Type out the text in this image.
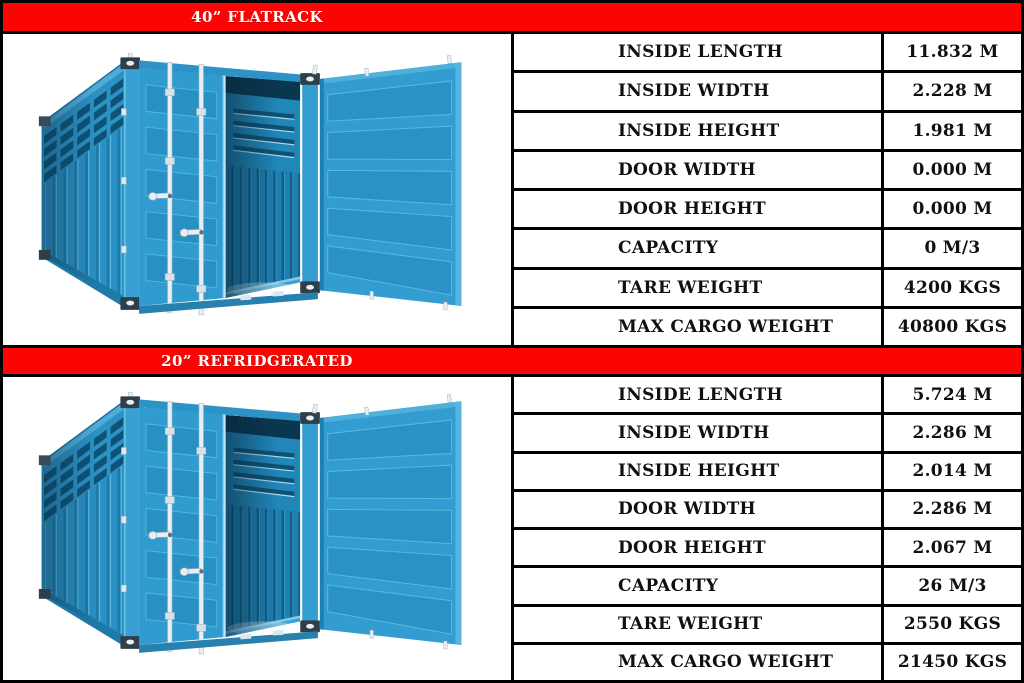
40” FLATRACK
INSIDE LENGTH	11.832 M
INSIDE WIDTH	2.228 M
INSIDE HEIGHT	1.981 M
DOOR WIDTH	0.000 M
DOOR HEIGHT	0.000 M
CAPACITY	0 M/3
TARE WEIGHT	4200 KGS
MAX CARGO WEIGHT	40800 KGS
20” REFRIDGERATED
INSIDE LENGTH	5.724 M
INSIDE WIDTH	2.286 M
INSIDE HEIGHT	2.014 M
DOOR WIDTH	2.286 M
DOOR HEIGHT	2.067 M
CAPACITY	26 M/3
TARE WEIGHT	2550 KGS
MAX CARGO WEIGHT	21450 KGS
